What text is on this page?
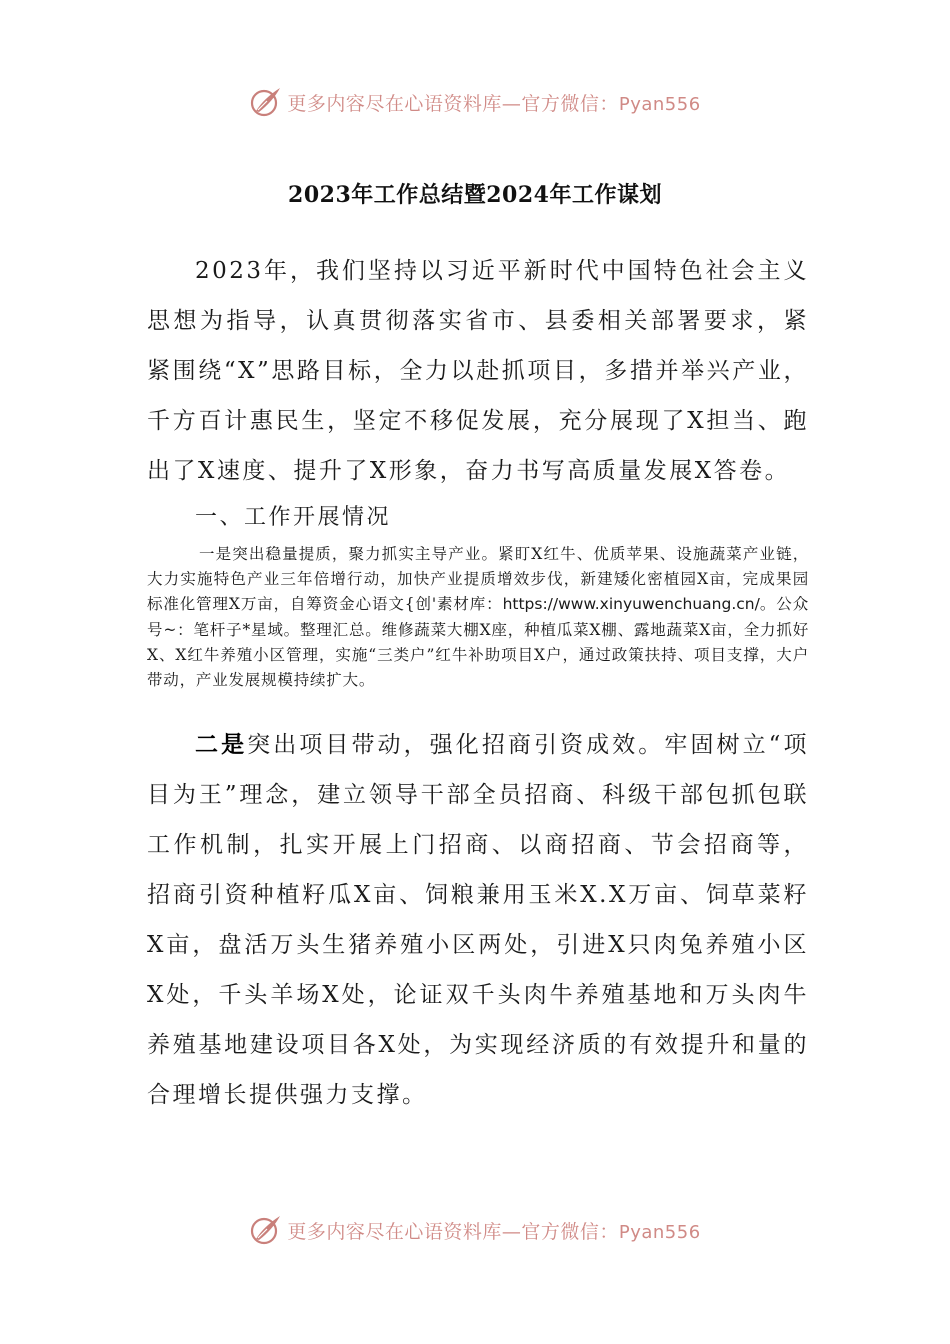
更多内容尽在心语资料库—官方微信：Pyan556
2023年工作总结暨2024年工作谋划
2023年，我们坚持以习近平新时代中国特色社会主义思想为指导，认真贯彻落实省市、县委相关部署要求，紧紧围绕“X”思路目标，全力以赴抓项目，多措并举兴产业，千方百计惠民生，坚定不移促发展，充分展现了X担当、跑出了X速度、提升了X形象，奋力书写高质量发展X答卷。
一、工作开展情况
一是突出稳量提质，聚力抓实主导产业。紧盯X红牛、优质苹果、设施蔬菜产业链，大力实施特色产业三年倍增行动，加快产业提质增效步伐，新建矮化密植园X亩，完成果园标准化管理X万亩，自筹资金心语文{创'素材库：https://www.xinyuwenchuang.cn/。公众号~：笔杆子*星域。整理汇总。维修蔬菜大棚X座，种植瓜菜X棚、露地蔬菜X亩，全力抓好X、X红牛养殖小区管理，实施“三类户”红牛补助项目X户，通过政策扶持、项目支撑，大户带动，产业发展规模持续扩大。
二是突出项目带动，强化招商引资成效。牢固树立“项目为王”理念，建立领导干部全员招商、科级干部包抓包联工作机制，扎实开展上门招商、以商招商、节会招商等，招商引资种植籽瓜X亩、饲粮兼用玉米X.X万亩、饲草菜籽X亩，盘活万头生猪养殖小区两处，引进X只肉兔养殖小区X处，千头羊场X处，论证双千头肉牛养殖基地和万头肉牛养殖基地建设项目各X处，为实现经济质的有效提升和量的合理增长提供强力支撑。
更多内容尽在心语资料库—官方微信：Pyan556
